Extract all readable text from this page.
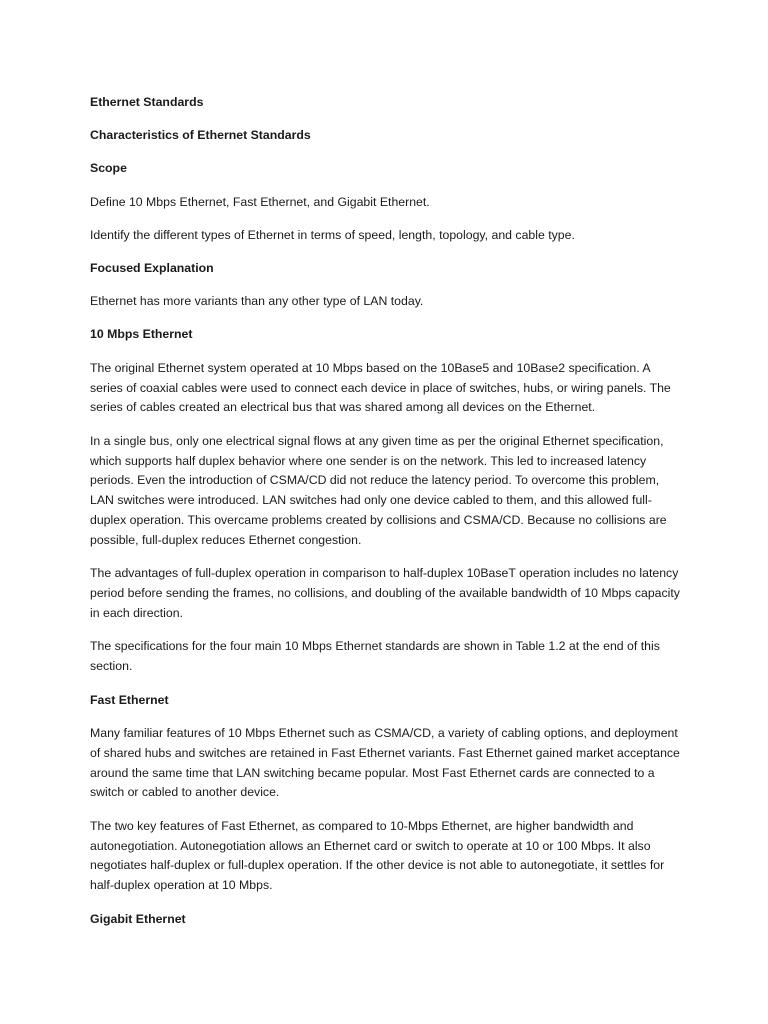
Ethernet Standards

Characteristics of Ethernet Standards

Scope

Define 10 Mbps Ethernet, Fast Ethernet, and Gigabit Ethernet.

Identify the different types of Ethernet in terms of speed, length, topology, and cable type.

Focused Explanation

Ethernet has more variants than any other type of LAN today.

10 Mbps Ethernet

The original Ethernet system operated at 10 Mbps based on the 10Base5 and 10Base2 specification. A series of coaxial cables were used to connect each device in place of switches, hubs, or wiring panels. The series of cables created an electrical bus that was shared among all devices on the Ethernet.

In a single bus, only one electrical signal flows at any given time as per the original Ethernet specification, which supports half duplex behavior where one sender is on the network. This led to increased latency periods. Even the introduction of CSMA/CD did not reduce the latency period. To overcome this problem, LAN switches were introduced. LAN switches had only one device cabled to them, and this allowed full-duplex operation. This overcame problems created by collisions and CSMA/CD. Because no collisions are possible, full-duplex reduces Ethernet congestion.

The advantages of full-duplex operation in comparison to half-duplex 10BaseT operation includes no latency period before sending the frames, no collisions, and doubling of the available bandwidth of 10 Mbps capacity in each direction.

The specifications for the four main 10 Mbps Ethernet standards are shown in Table 1.2 at the end of this section.

Fast Ethernet

Many familiar features of 10 Mbps Ethernet such as CSMA/CD, a variety of cabling options, and deployment of shared hubs and switches are retained in Fast Ethernet variants. Fast Ethernet gained market acceptance around the same time that LAN switching became popular. Most Fast Ethernet cards are connected to a switch or cabled to another device.

The two key features of Fast Ethernet, as compared to 10-Mbps Ethernet, are higher bandwidth and autonegotiation. Autonegotiation allows an Ethernet card or switch to operate at 10 or 100 Mbps. It also negotiates half-duplex or full-duplex operation. If the other device is not able to autonegotiate, it settles for half-duplex operation at 10 Mbps.

Gigabit Ethernet
